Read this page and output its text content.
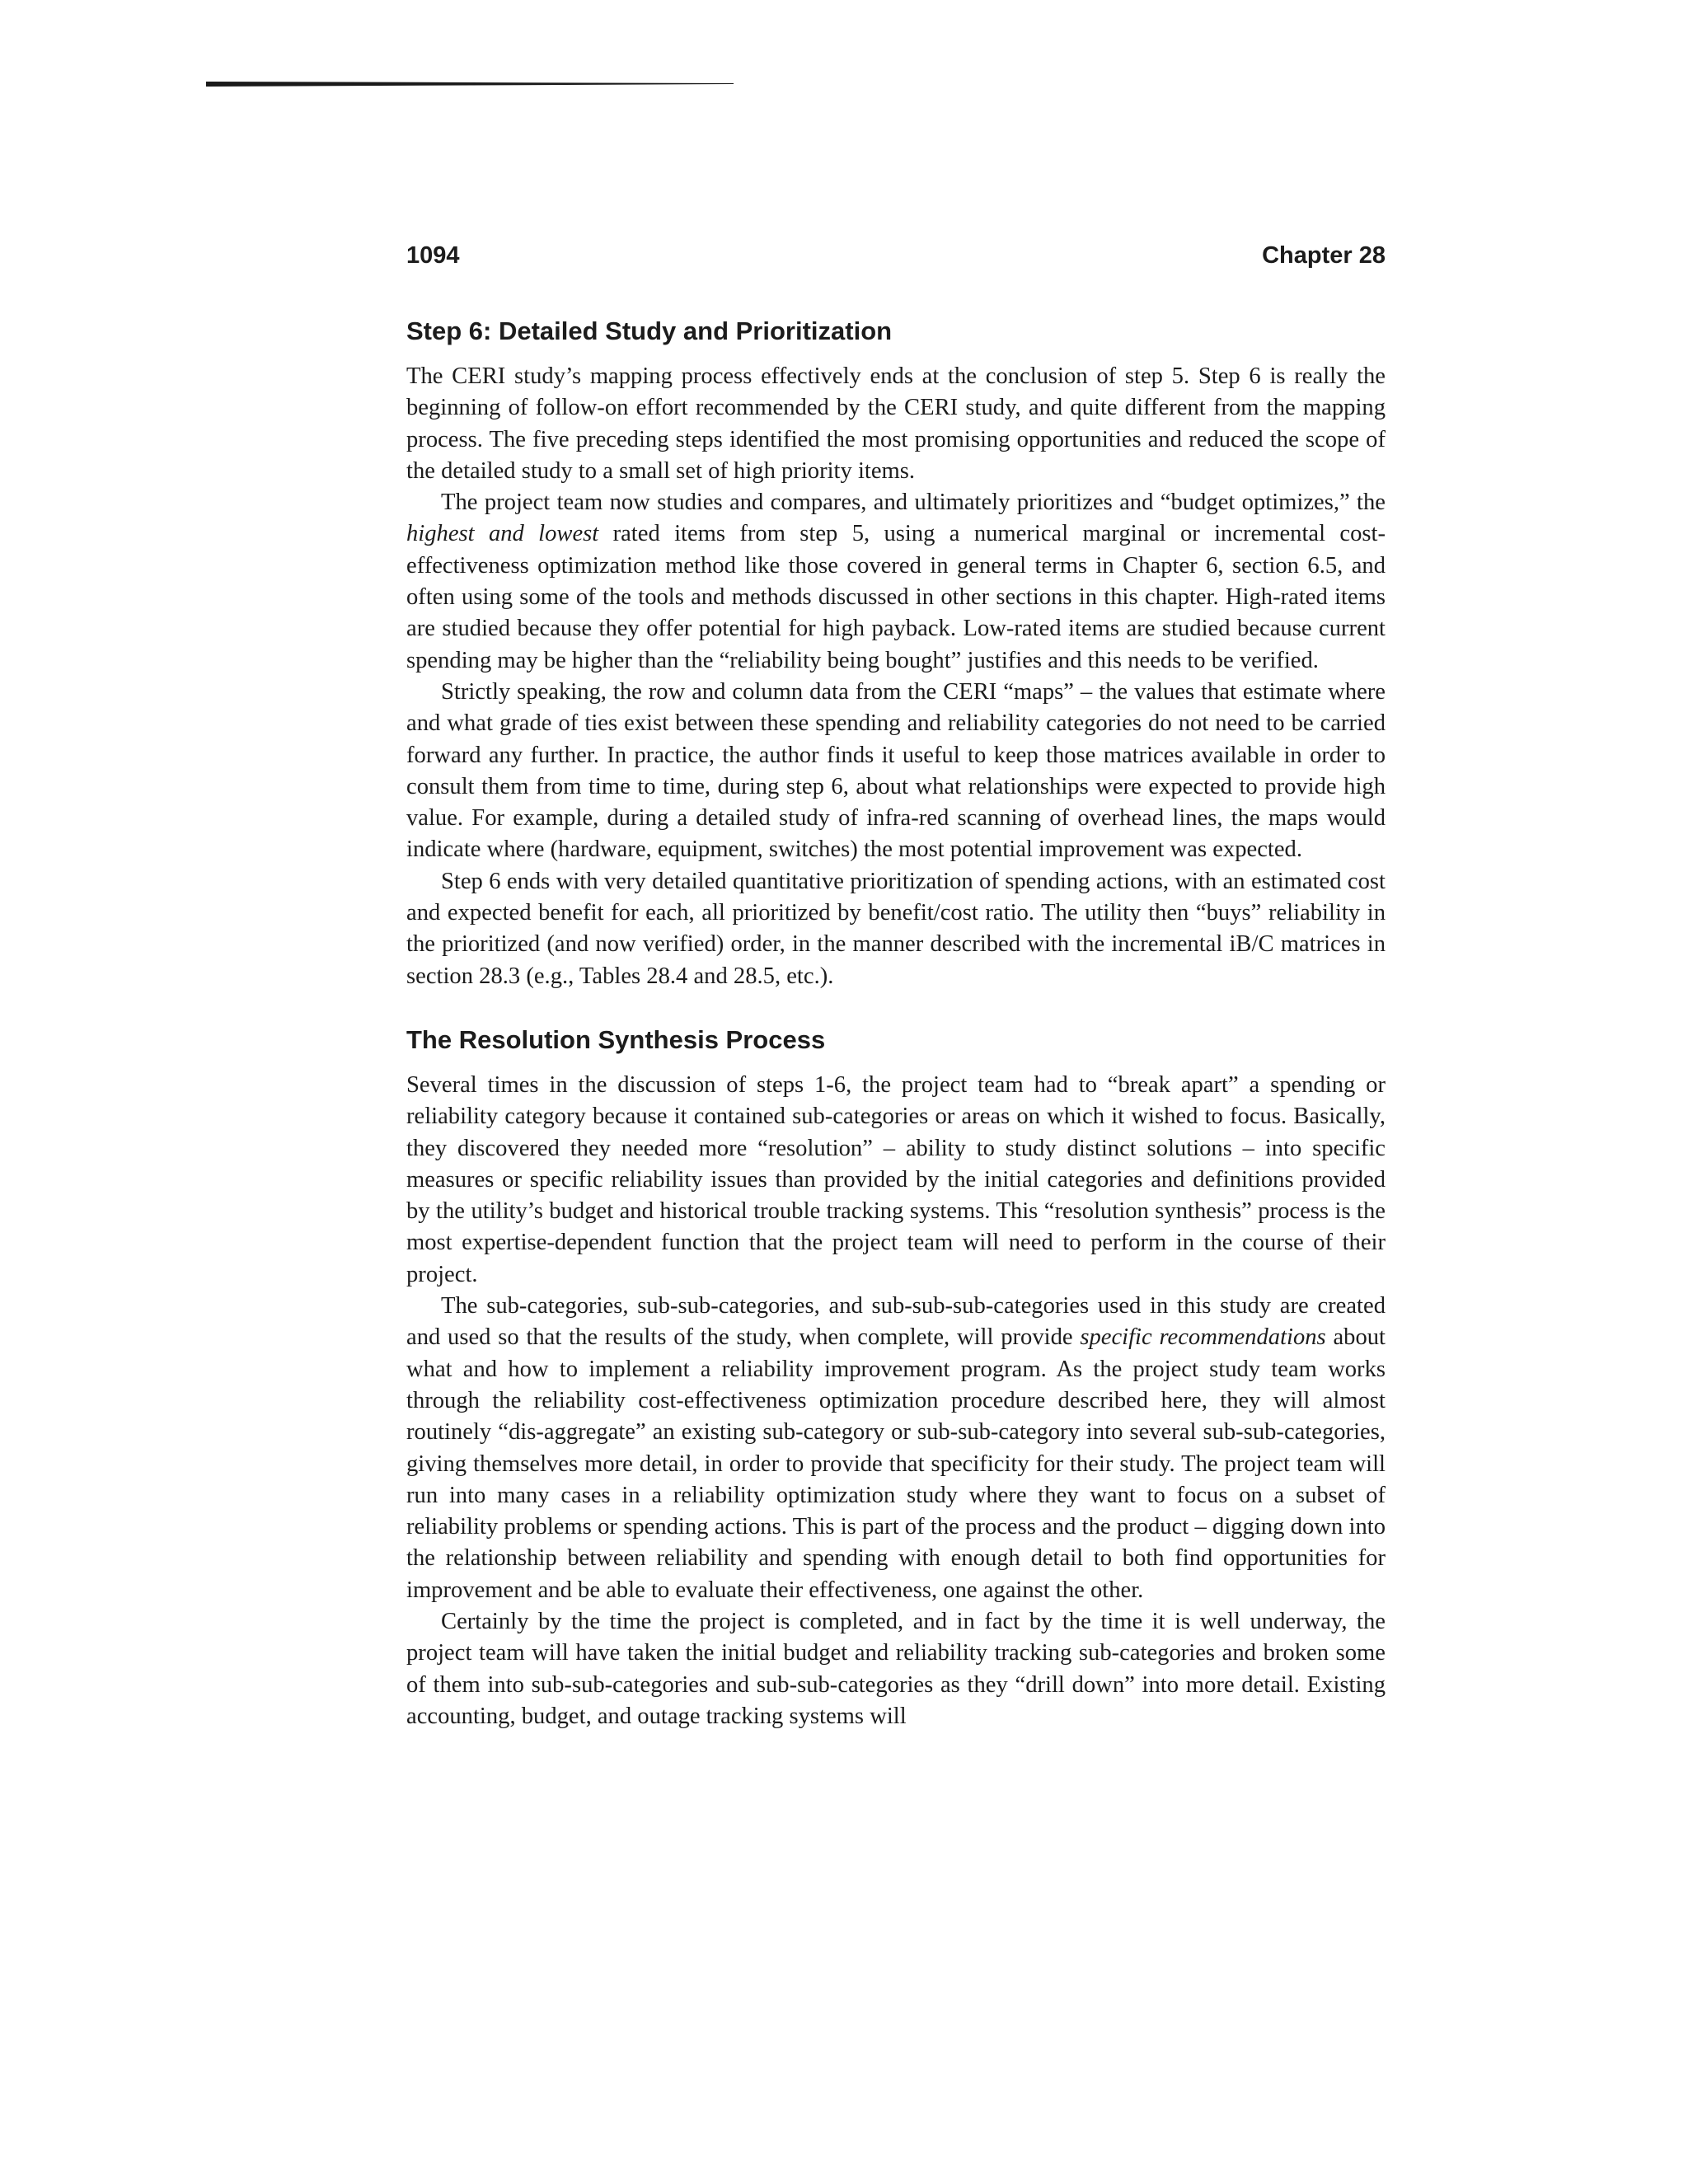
1094	Chapter 28
Step 6: Detailed Study and Prioritization

The CERI study’s mapping process effectively ends at the conclusion of step 5. Step 6 is really the beginning of follow-on effort recommended by the CERI study, and quite different from the mapping process. The five preceding steps identified the most promising opportunities and reduced the scope of the detailed study to a small set of high priority items.

The project team now studies and compares, and ultimately prioritizes and “budget optimizes,” the highest and lowest rated items from step 5, using a numerical marginal or incremental cost-effectiveness optimization method like those covered in general terms in Chapter 6, section 6.5, and often using some of the tools and methods discussed in other sections in this chapter. High-rated items are studied because they offer potential for high payback. Low-rated items are studied because current spending may be higher than the “reliability being bought” justifies and this needs to be verified.

Strictly speaking, the row and column data from the CERI “maps” – the values that estimate where and what grade of ties exist between these spending and reliability categories do not need to be carried forward any further. In practice, the author finds it useful to keep those matrices available in order to consult them from time to time, during step 6, about what relationships were expected to provide high value. For example, during a detailed study of infra-red scanning of overhead lines, the maps would indicate where (hardware, equipment, switches) the most potential improvement was expected.

Step 6 ends with very detailed quantitative prioritization of spending actions, with an estimated cost and expected benefit for each, all prioritized by benefit/cost ratio. The utility then “buys” reliability in the prioritized (and now verified) order, in the manner described with the incremental iB/C matrices in section 28.3 (e.g., Tables 28.4 and 28.5, etc.).

The Resolution Synthesis Process

Several times in the discussion of steps 1-6, the project team had to “break apart” a spending or reliability category because it contained sub-categories or areas on which it wished to focus. Basically, they discovered they needed more “resolution” – ability to study distinct solutions – into specific measures or specific reliability issues than provided by the initial categories and definitions provided by the utility’s budget and historical trouble tracking systems. This “resolution synthesis” process is the most expertise-dependent function that the project team will need to perform in the course of their project.

The sub-categories, sub-sub-categories, and sub-sub-sub-categories used in this study are created and used so that the results of the study, when complete, will provide specific recommendations about what and how to implement a reliability improvement program. As the project study team works through the reliability cost-effectiveness optimization procedure described here, they will almost routinely “dis-aggregate” an existing sub-category or sub-sub-category into several sub-sub-categories, giving themselves more detail, in order to provide that specificity for their study. The project team will run into many cases in a reliability optimization study where they want to focus on a subset of reliability problems or spending actions. This is part of the process and the product – digging down into the relationship between reliability and spending with enough detail to both find opportunities for improvement and be able to evaluate their effectiveness, one against the other.

Certainly by the time the project is completed, and in fact by the time it is well underway, the project team will have taken the initial budget and reliability tracking sub-categories and broken some of them into sub-sub-categories and sub-sub-categories as they “drill down” into more detail. Existing accounting, budget, and outage tracking systems will
